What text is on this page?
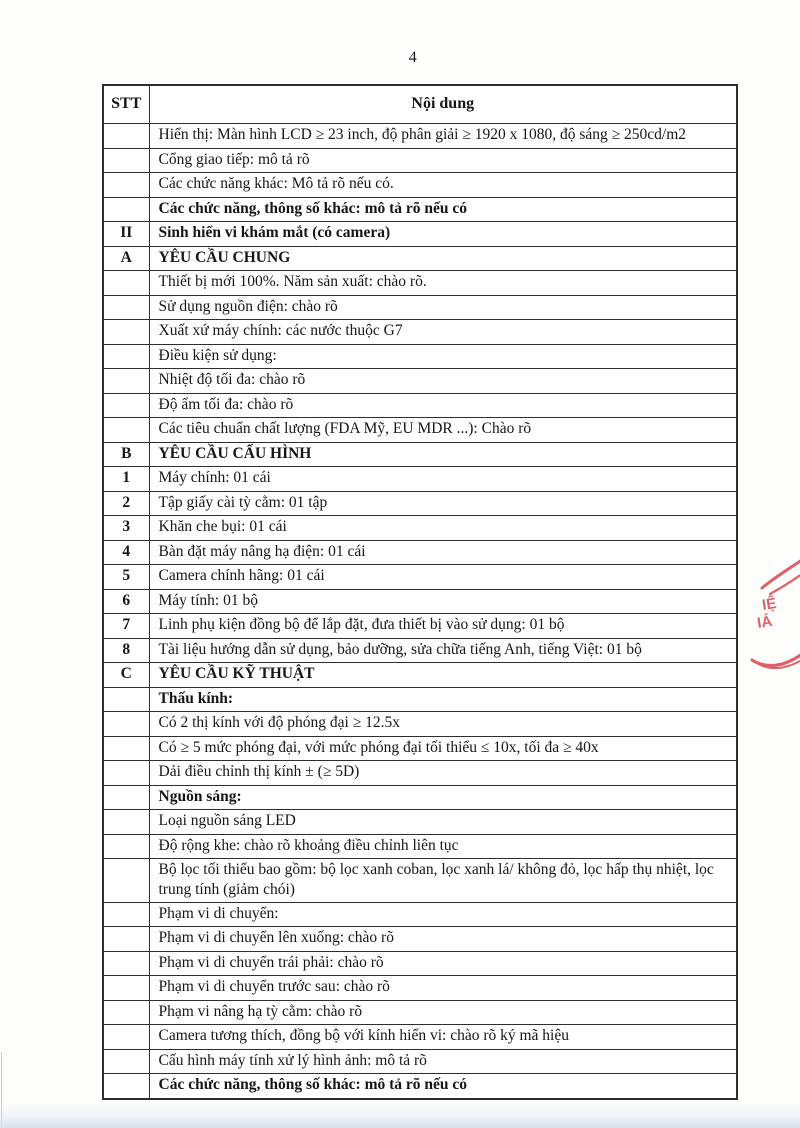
4
STT	Nội dung
	Hiển thị: Màn hình LCD ≥ 23 inch, độ phân giải ≥ 1920 x 1080, độ sáng ≥ 250cd/m2
	Cổng giao tiếp: mô tả rõ
	Các chức năng khác: Mô tả rõ nếu có.
	Các chức năng, thông số khác: mô tả rõ nếu có
II	Sinh hiển vi khám mắt (có camera)
A	YÊU CẦU CHUNG
	Thiết bị mới 100%. Năm sản xuất: chào rõ.
	Sử dụng nguồn điện: chào rõ
	Xuất xứ máy chính: các nước thuộc G7
	Điều kiện sử dụng:
	Nhiệt độ tối đa: chào rõ
	Độ ẩm tối đa: chào rõ
	Các tiêu chuẩn chất lượng (FDA Mỹ, EU MDR ...): Chào rõ
B	YÊU CẦU CẤU HÌNH
1	Máy chính: 01 cái
2	Tập giấy cài tỳ cằm: 01 tập
3	Khăn che bụi: 01 cái
4	Bàn đặt máy nâng hạ điện: 01 cái
5	Camera chính hãng: 01 cái
6	Máy tính: 01 bộ
7	Linh phụ kiện đồng bộ để lắp đặt, đưa thiết bị vào sử dụng: 01 bộ
8	Tài liệu hướng dẫn sử dụng, bảo dưỡng, sửa chữa tiếng Anh, tiếng Việt: 01 bộ
C	YÊU CẦU KỸ THUẬT
	Thấu kính:
	Có 2 thị kính với độ phóng đại ≥ 12.5x
	Có ≥ 5 mức phóng đại, với mức phóng đại tối thiểu ≤ 10x, tối đa ≥ 40x
	Dải điều chỉnh thị kính ± (≥ 5D)
	Nguồn sáng:
	Loại nguồn sáng LED
	Độ rộng khe: chào rõ khoảng điều chỉnh liên tục
	Bộ lọc tối thiểu bao gồm: bộ lọc xanh coban, lọc xanh lá/ không đỏ, lọc hấp thụ nhiệt, lọc trung tính (giảm chói)
	Phạm vi di chuyển:
	Phạm vi di chuyển lên xuống: chào rõ
	Phạm vi di chuyển trái phải: chào rõ
	Phạm vi di chuyển trước sau: chào rõ
	Phạm vi nâng hạ tỳ cằm: chào rõ
	Camera tương thích, đồng bộ với kính hiển vi: chào rõ ký mã hiệu
	Cấu hình máy tính xử lý hình ảnh: mô tả rõ
	Các chức năng, thông số khác: mô tả rõ nếu có
IỆ
IÁ
